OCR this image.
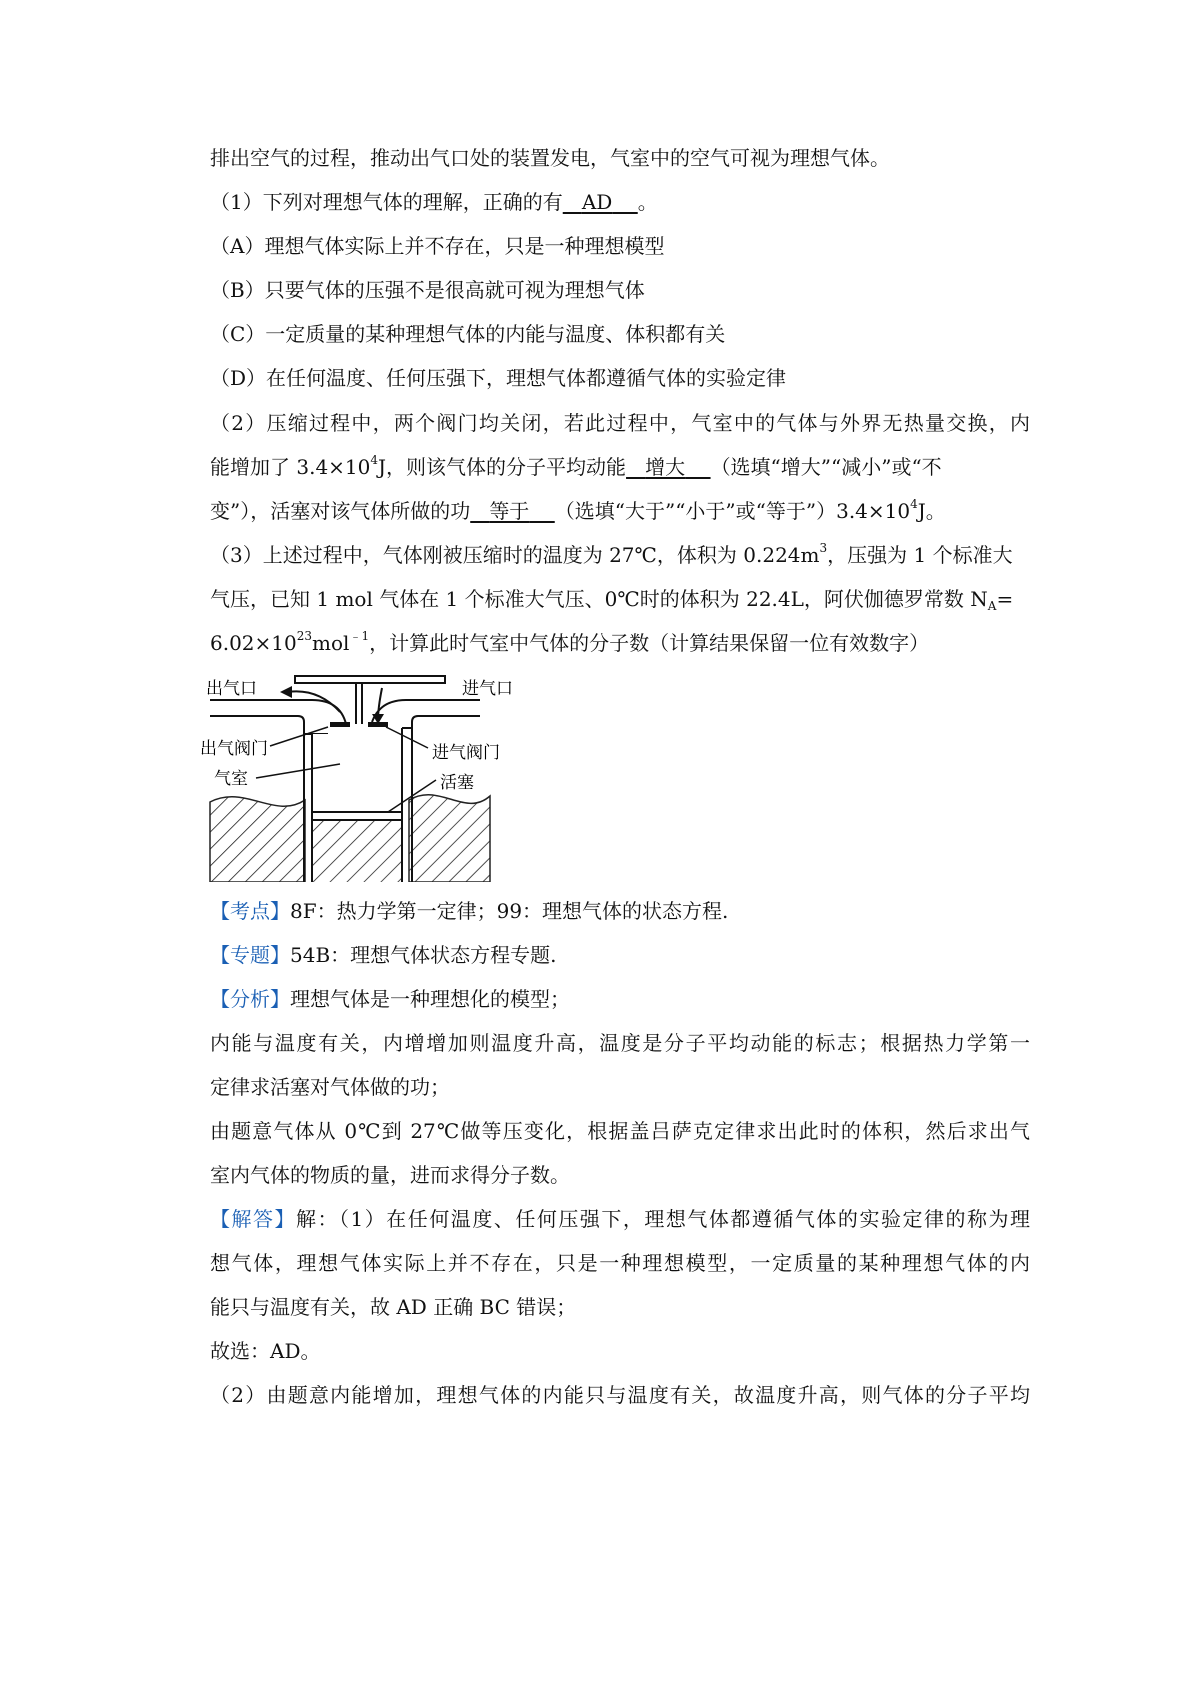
排出空气的过程，推动出气口处的装置发电，气室中的空气可视为理想气体。
（1）下列对理想气体的理解，正确的有 AD 。
（A）理想气体实际上并不存在，只是一种理想模型
（B）只要气体的压强不是很高就可视为理想气体
（C）一定质量的某种理想气体的内能与温度、体积都有关
（D）在任何温度、任何压强下，理想气体都遵循气体的实验定律
（2）压缩过程中，两个阀门均关闭，若此过程中，气室中的气体与外界无热量交换，内
能增加了 $3.4\times 10^4J$，则该气体的分子平均动能 增大 （选填“增大”“减小”或“不
变”），活塞对该气体所做的功 等于 （选填“大于”“小于”或“等于$”)3.4\times 10^4J$。
（3）上述过程中，气体刚被压缩时的温度为 27℃，体积为 $0.224m^3$，压强为 1 个标准大
气压，已知 1 mol 气体在 1 个标准大气压、0℃时的体积为 22.4L，阿伏伽德罗常数 $N_A=$
$6.02\times 10^{23}mol^{﹣1}$，计算此时气室中气体的分子数（计算结果保留一位有效数字）
出气口	进气口
出气阀门	进气阀门
气室	活塞
【考点】8F：热力学第一定律；99：理想气体的状态方程.
【专题】54B：理想气体状态方程专题.
【分析】理想气体是一种理想化的模型；
内能与温度有关，内增增加则温度升高，温度是分子平均动能的标志；根据热力学第一
定律求活塞对气体做的功；
由题意气体从 0℃到 27℃做等压变化，根据盖吕萨克定律求出此时的体积，然后求出气
室内气体的物质的量，进而求得分子数。
【解答】解：（1）在任何温度、任何压强下，理想气体都遵循气体的实验定律的称为理
想气体，理想气体实际上并不存在，只是一种理想模型，一定质量的某种理想气体的内
能只与温度有关，故 AD 正确 BC 错误；
故选：AD。
（2）由题意内能增加，理想气体的内能只与温度有关，故温度升高，则气体的分子平均
